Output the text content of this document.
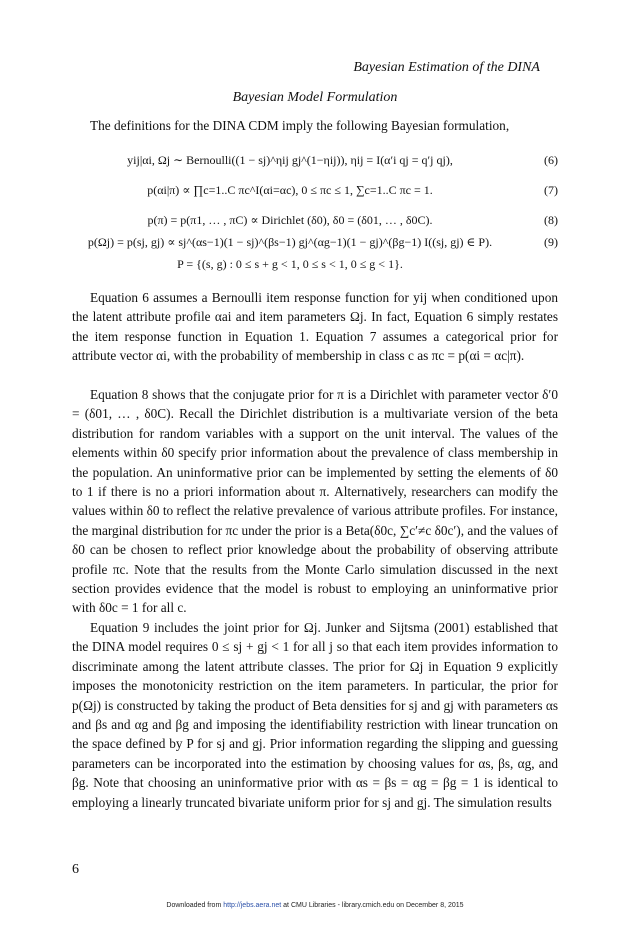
Bayesian Estimation of the DINA
Bayesian Model Formulation

The definitions for the DINA CDM imply the following Bayesian formulation,

yij|αi, Ωj ∼ Bernoulli((1 − sj)^ηij gj^(1−ηij)), ηij = I(α′i qj = q′j qj),	(6)
p(αi|π) ∝ ∏c=1..C πc^I(αi=αc), 0 ≤ πc ≤ 1, ∑c=1..C πc = 1.	(7)
p(π) = p(π1, … , πC) ∝ Dirichlet (δ0), δ0 = (δ01, … , δ0C).	(8)
p(Ωj) = p(sj, gj) ∝ sj^(αs−1)(1 − sj)^(βs−1) gj^(αg−1)(1 − gj)^(βg−1) I((sj, gj) ∈ P).	(9)
P = {(s, g) : 0 ≤ s + g < 1, 0 ≤ s < 1, 0 ≤ g < 1}.

Equation 6 assumes a Bernoulli item response function for yij when conditioned upon the latent attribute profile αai and item parameters Ωj. In fact, Equation 6 simply restates the item response function in Equation 1. Equation 7 assumes a categorical prior for attribute vector αi, with the probability of membership in class c as πc = p(αi = αc|π).

Equation 8 shows that the conjugate prior for π is a Dirichlet with parameter vector δ′0 = (δ01, … , δ0C). Recall the Dirichlet distribution is a multivariate version of the beta distribution for random variables with a support on the unit interval. The values of the elements within δ0 specify prior information about the prevalence of class membership in the population. An uninformative prior can be implemented by setting the elements of δ0 to 1 if there is no a priori information about π. Alternatively, researchers can modify the values within δ0 to reflect the relative prevalence of various attribute profiles. For instance, the marginal distribution for πc under the prior is a Beta(δ0c, ∑c′≠c δ0c′), and the values of δ0 can be chosen to reflect prior knowledge about the probability of observing attribute profile πc. Note that the results from the Monte Carlo simulation discussed in the next section provides evidence that the model is robust to employing an uninformative prior with δ0c = 1 for all c.

Equation 9 includes the joint prior for Ωj. Junker and Sijtsma (2001) established that the DINA model requires 0 ≤ sj + gj < 1 for all j so that each item provides information to discriminate among the latent attribute classes. The prior for Ωj in Equation 9 explicitly imposes the monotonicity restriction on the item parameters. In particular, the prior for p(Ωj) is constructed by taking the product of Beta densities for sj and gj with parameters αs and βs and αg and βg and imposing the identifiability restriction with linear truncation on the space defined by P for sj and gj. Prior information regarding the slipping and guessing parameters can be incorporated into the estimation by choosing values for αs, βs, αg, and βg. Note that choosing an uninformative prior with αs = βs = αg = βg = 1 is identical to employing a linearly truncated bivariate uniform prior for sj and gj. The simulation results

6
Downloaded from http://jebs.aera.net at CMU Libraries - library.cmich.edu on December 8, 2015
